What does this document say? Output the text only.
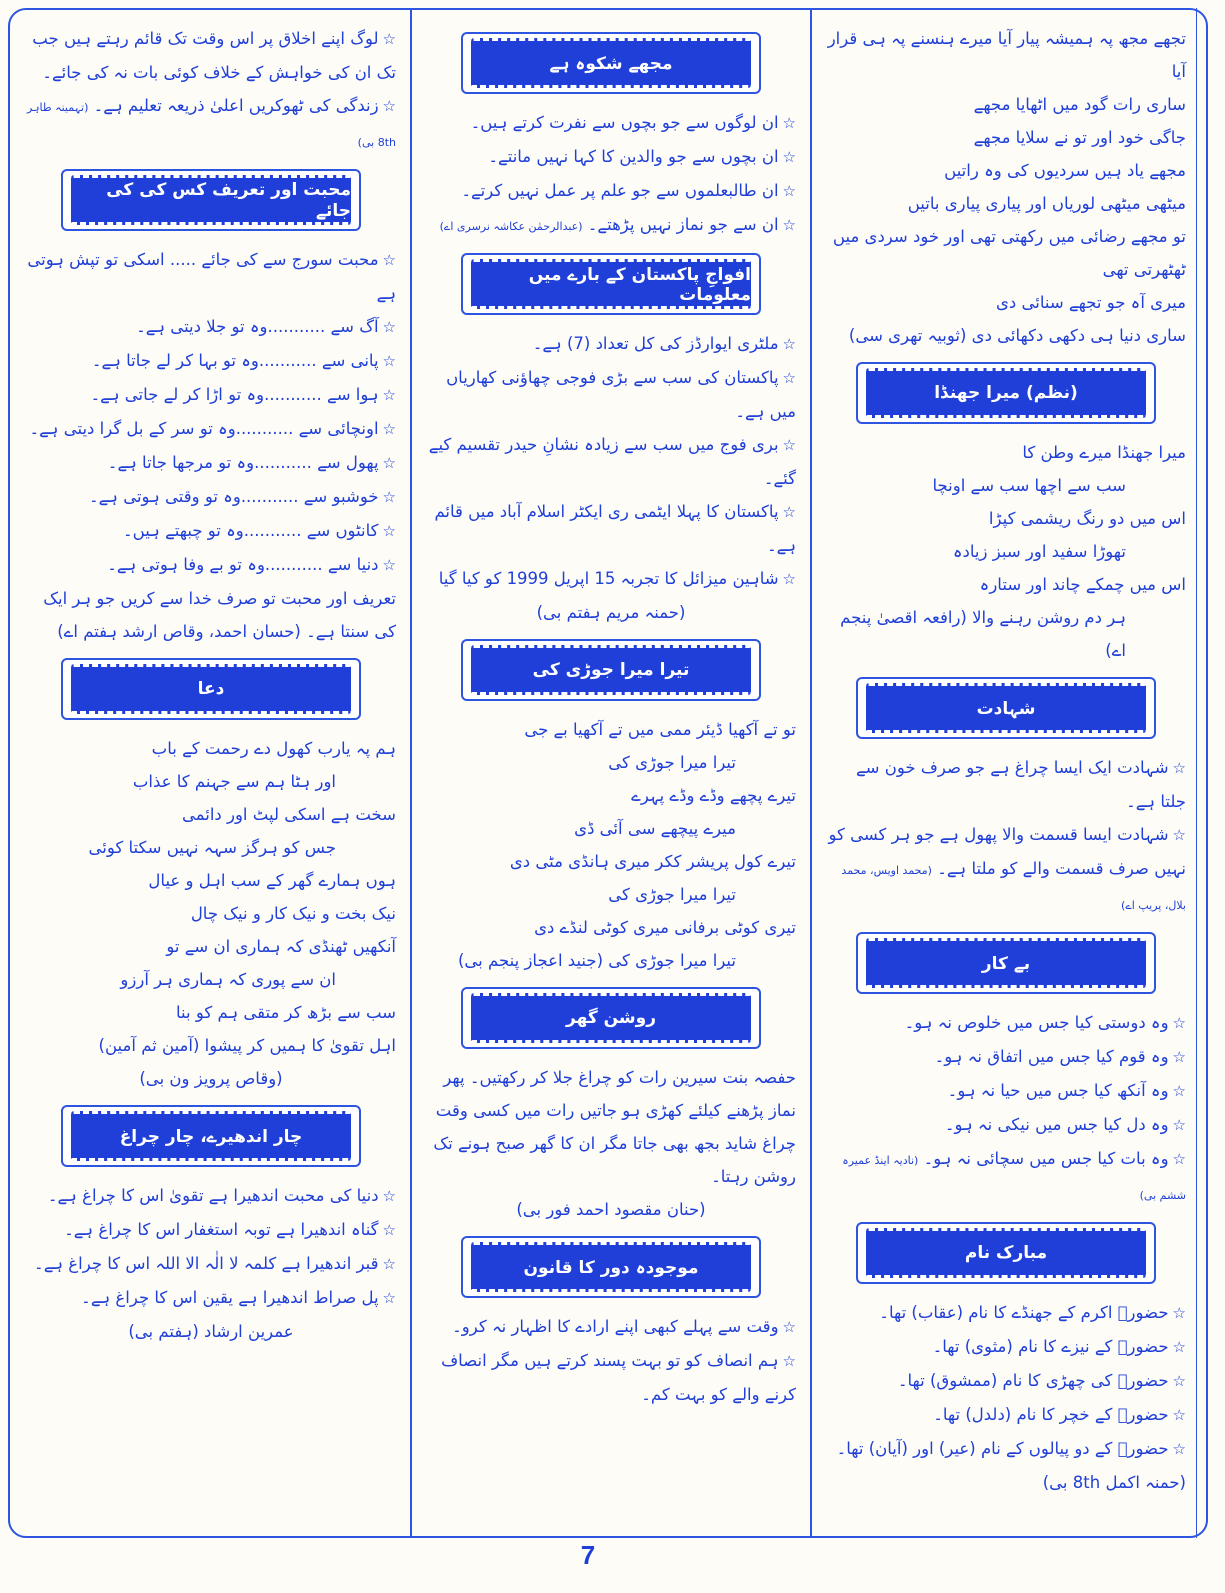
تجھے مجھ پہ ہمیشہ پیار آیا میرے ہنسنے پہ ہی قرار آیا
ساری رات گود میں اٹھایا مجھے
جاگی خود اور تو نے سلایا مجھے
مجھے یاد ہیں سردیوں کی وہ راتیں
میٹھی میٹھی لوریاں اور پیاری پیاری باتیں
تو مجھے رضائی میں رکھتی تھی اور خود سردی میں ٹھٹھرتی تھی
میری آہ جو تجھے سنائی دی
ساری دنیا ہی دکھی دکھائی دی (ثوبیہ تھری سی)
(نظم) میرا جھنڈا
میرا جھنڈا میرے وطن کا
سب سے اچھا سب سے اونچا
اس میں دو رنگ ریشمی کپڑا
تھوڑا سفید اور سبز زیادہ
اس میں چمکے چاند اور ستارہ
ہر دم روشن رہنے والا (رافعہ اقصیٰ پنجم اے)
شہادت
☆شہادت ایک ایسا چراغ ہے جو صرف خون سے جلتا ہے۔
☆شہادت ایسا قسمت والا پھول ہے جو ہر کسی کو نہیں صرف قسمت والے کو ملتا ہے۔ (محمد اویس، محمد بلال، پریپ اے)
بے کار
☆وہ دوستی کیا جس میں خلوص نہ ہو۔
☆وہ قوم کیا جس میں اتفاق نہ ہو۔
☆وہ آنکھ کیا جس میں حیا نہ ہو۔
☆وہ دل کیا جس میں نیکی نہ ہو۔
☆وہ بات کیا جس میں سچائی نہ ہو۔ (نادیہ اینڈ عمیرہ ششم بی)
مبارک نام
☆حضورؐ اکرم کے جھنڈے کا نام (عقاب) تھا۔
☆حضورؐ کے نیزے کا نام (مثوی) تھا۔
☆حضورؐ کی چھڑی کا نام (ممشوق) تھا۔
☆حضورؐ کے خچر کا نام (دلدل) تھا۔
☆حضورؐ کے دو پیالوں کے نام (عیر) اور (آیان) تھا۔ (حمنہ اکمل 8th بی)
مجھے شکوہ ہے
☆ان لوگوں سے جو بچوں سے نفرت کرتے ہیں۔
☆ان بچوں سے جو والدین کا کہا نہیں مانتے۔
☆ان طالبعلموں سے جو علم پر عمل نہیں کرتے۔
☆ان سے جو نماز نہیں پڑھتے۔ (عبدالرحمٰن عکاشہ نرسری اے)
افواجِ پاکستان کے بارے میں معلومات
☆ملٹری ایوارڈز کی کل تعداد (7) ہے۔
☆پاکستان کی سب سے بڑی فوجی چھاؤنی کھاریاں میں ہے۔
☆بری فوج میں سب سے زیادہ نشانِ حیدر تقسیم کیے گئے۔
☆پاکستان کا پہلا ایٹمی ری ایکٹر اسلام آباد میں قائم ہے۔
☆شاہین میزائل کا تجربہ 15 اپریل 1999 کو کیا گیا
(حمنہ مریم ہفتم بی)
تیرا میرا جوڑی کی
تو تے آکھیا ڈیئر ممی میں تے آکھیا بے جی
تیرا میرا جوڑی کی
تیرے پچھے وڈے وڈے پہرے
میرے پیچھے سی آئی ڈی
تیرے کول پریشر ککر میری ہانڈی مٹی دی
تیرا میرا جوڑی کی
تیری کوٹی برفانی میری کوٹی لنڈے دی
تیرا میرا جوڑی کی (جنید اعجاز پنجم بی)
روشن گھر
حفصہ بنت سیرین رات کو چراغ جلا کر رکھتیں۔ پھر نماز پڑھنے کیلئے کھڑی ہو جاتیں رات میں کسی وقت چراغ شاید بجھ بھی جاتا مگر ان کا گھر صبح ہونے تک روشن رہتا۔
(حنان مقصود احمد فور بی)
موجودہ دور کا قانون
☆وقت سے پہلے کبھی اپنے ارادے کا اظہار نہ کرو۔
☆ہم انصاف کو تو بہت پسند کرتے ہیں مگر انصاف کرنے والے کو بہت کم۔
☆لوگ اپنے اخلاق پر اس وقت تک قائم رہتے ہیں جب تک ان کی خواہش کے خلاف کوئی بات نہ کی جائے۔
☆زندگی کی ٹھوکریں اعلیٰ ذریعہ تعلیم ہے۔ (تہمینہ طاہر 8th بی)
محبت اور تعریف کس کی کی جائے
☆محبت سورج سے کی جائے ..... اسکی تو تپش ہوتی ہے
☆آگ سے ...........وہ تو جلا دیتی ہے۔
☆پانی سے ...........وہ تو بہا کر لے جاتا ہے۔
☆ہوا سے ...........وہ تو اڑا کر لے جاتی ہے۔
☆اونچائی سے ...........وہ تو سر کے بل گرا دیتی ہے۔
☆پھول سے ...........وہ تو مرجھا جاتا ہے۔
☆خوشبو سے ...........وہ تو وقتی ہوتی ہے۔
☆کانٹوں سے ...........وہ تو چبھتے ہیں۔
☆دنیا سے ...........وہ تو بے وفا ہوتی ہے۔
تعریف اور محبت تو صرف خدا سے کریں جو ہر ایک کی سنتا ہے۔ (حسان احمد، وقاص ارشد ہفتم اے)
دعا
ہم پہ یارب کھول دے رحمت کے باب
اور ہٹا ہم سے جہنم کا عذاب
سخت ہے اسکی لپٹ اور دائمی
جس کو ہرگز سہہ نہیں سکتا کوئی
ہوں ہمارے گھر کے سب اہل و عیال
نیک بخت و نیک کار و نیک چال
آنکھیں ٹھنڈی کہ ہماری ان سے تو
ان سے پوری کہ ہماری ہر آرزو
سب سے بڑھ کر متقی ہم کو بنا
اہل تقویٰ کا ہمیں کر پیشوا (آمین ثم آمین)
(وقاص پرویز ون بی)
چار اندھیرے، چار چراغ
☆دنیا کی محبت اندھیرا ہے تقویٰ اس کا چراغ ہے۔
☆گناہ اندھیرا ہے توبہ استغفار اس کا چراغ ہے۔
☆قبر اندھیرا ہے کلمہ لا الٰہ الا اللہ اس کا چراغ ہے۔
☆پل صراط اندھیرا ہے یقین اس کا چراغ ہے۔
عمرین ارشاد (ہفتم بی)
7
